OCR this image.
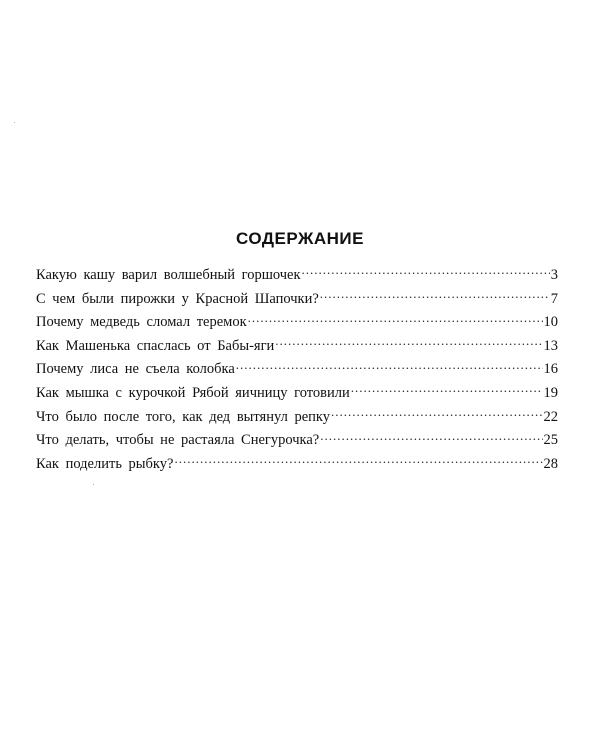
СОДЕРЖАНИЕ
Какую кашу варил волшебный горшочек .....	3
С чем были пирожки у Красной Шапочки? .....	7
Почему медведь сломал теремок .....	10
Как Машенька спаслась от Бабы-яги .....	13
Почему лиса не съела колобка .....	16
Как мышка с курочкой Рябой яичницу готовили .....	19
Что было после того, как дед вытянул репку .....	22
Что делать, чтобы не растаяла Снегурочка? .....	25
Как поделить рыбку? .....	28
